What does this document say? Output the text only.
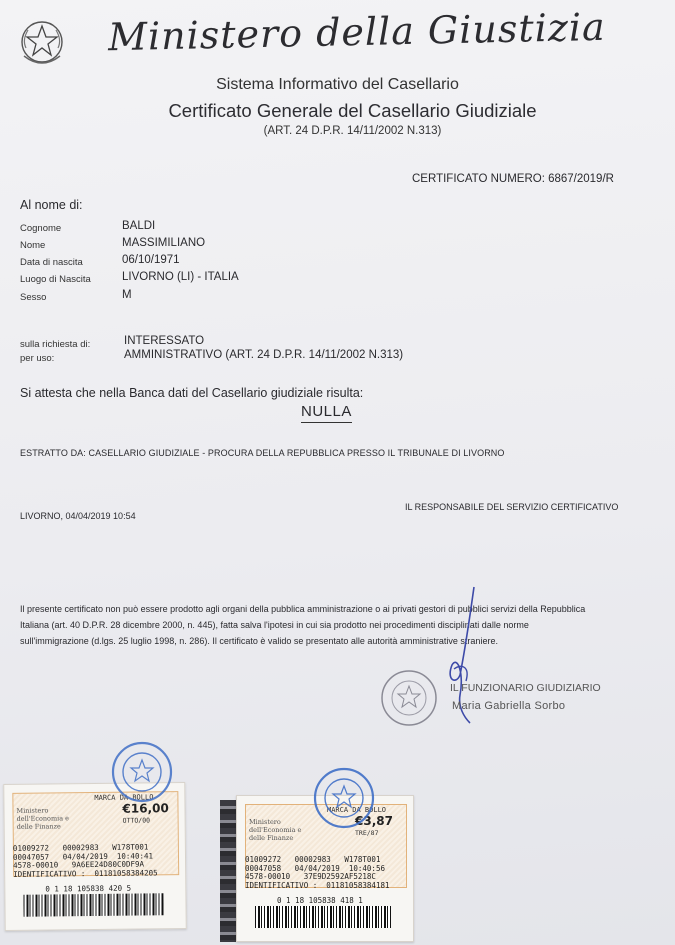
Ministero della Giustizia
Sistema Informativo del Casellario
Certificato Generale del Casellario Giudiziale
(ART. 24 D.P.R. 14/11/2002 N.313)
CERTIFICATO NUMERO: 6867/2019/R
Al nome di:
Cognome	BALDI
Nome	MASSIMILIANO
Data di nascita	06/10/1971
Luogo di Nascita	LIVORNO (LI) - ITALIA
Sesso	M
sulla richiesta di:	INTERESSATO
per uso:	AMMINISTRATIVO (ART. 24 D.P.R. 14/11/2002 N.313)
Si attesta che nella Banca dati del Casellario giudiziale risulta:
NULLA
ESTRATTO DA: CASELLARIO GIUDIZIALE - PROCURA DELLA REPUBBLICA PRESSO IL TRIBUNALE DI LIVORNO
LIVORNO, 04/04/2019 10:54
IL RESPONSABILE DEL SERVIZIO CERTIFICATIVO
Il presente certificato non può essere prodotto agli organi della pubblica amministrazione o ai privati gestori di pubblici servizi della Repubblica
Italiana (art. 40 D.P.R. 28 dicembre 2000, n. 445), fatta salva l'ipotesi in cui sia prodotto nei procedimenti disciplinati dalle norme
sull'immigrazione (d.lgs. 25 luglio 1998, n. 286). Il certificato è valido se presentato alle autorità amministrative straniere.
IL FUNZIONARIO GIUDIZIARIO
Maria Gabriella Sorbo
Ministero dell'Economia e delle Finanze
MARCA DA BOLLO
€16,00
OTTO/00
01009272   00002983   W178T001
00047057   04/04/2019  10:40:41
4578-00010   9A6EE24D80C0DF9A
IDENTIFICATIVO :  01181058384205
0 1 18 105838 420 5
Ministero dell'Economia e delle Finanze
MARCA DA BOLLO
€3,87
TRE/87
01009272   00002983   W178T001
00047058   04/04/2019  10:40:56
4578-00010   37E9D2592AF5218C
IDENTIFICATIVO :  01181058384181
0 1 18 105838 418 1
